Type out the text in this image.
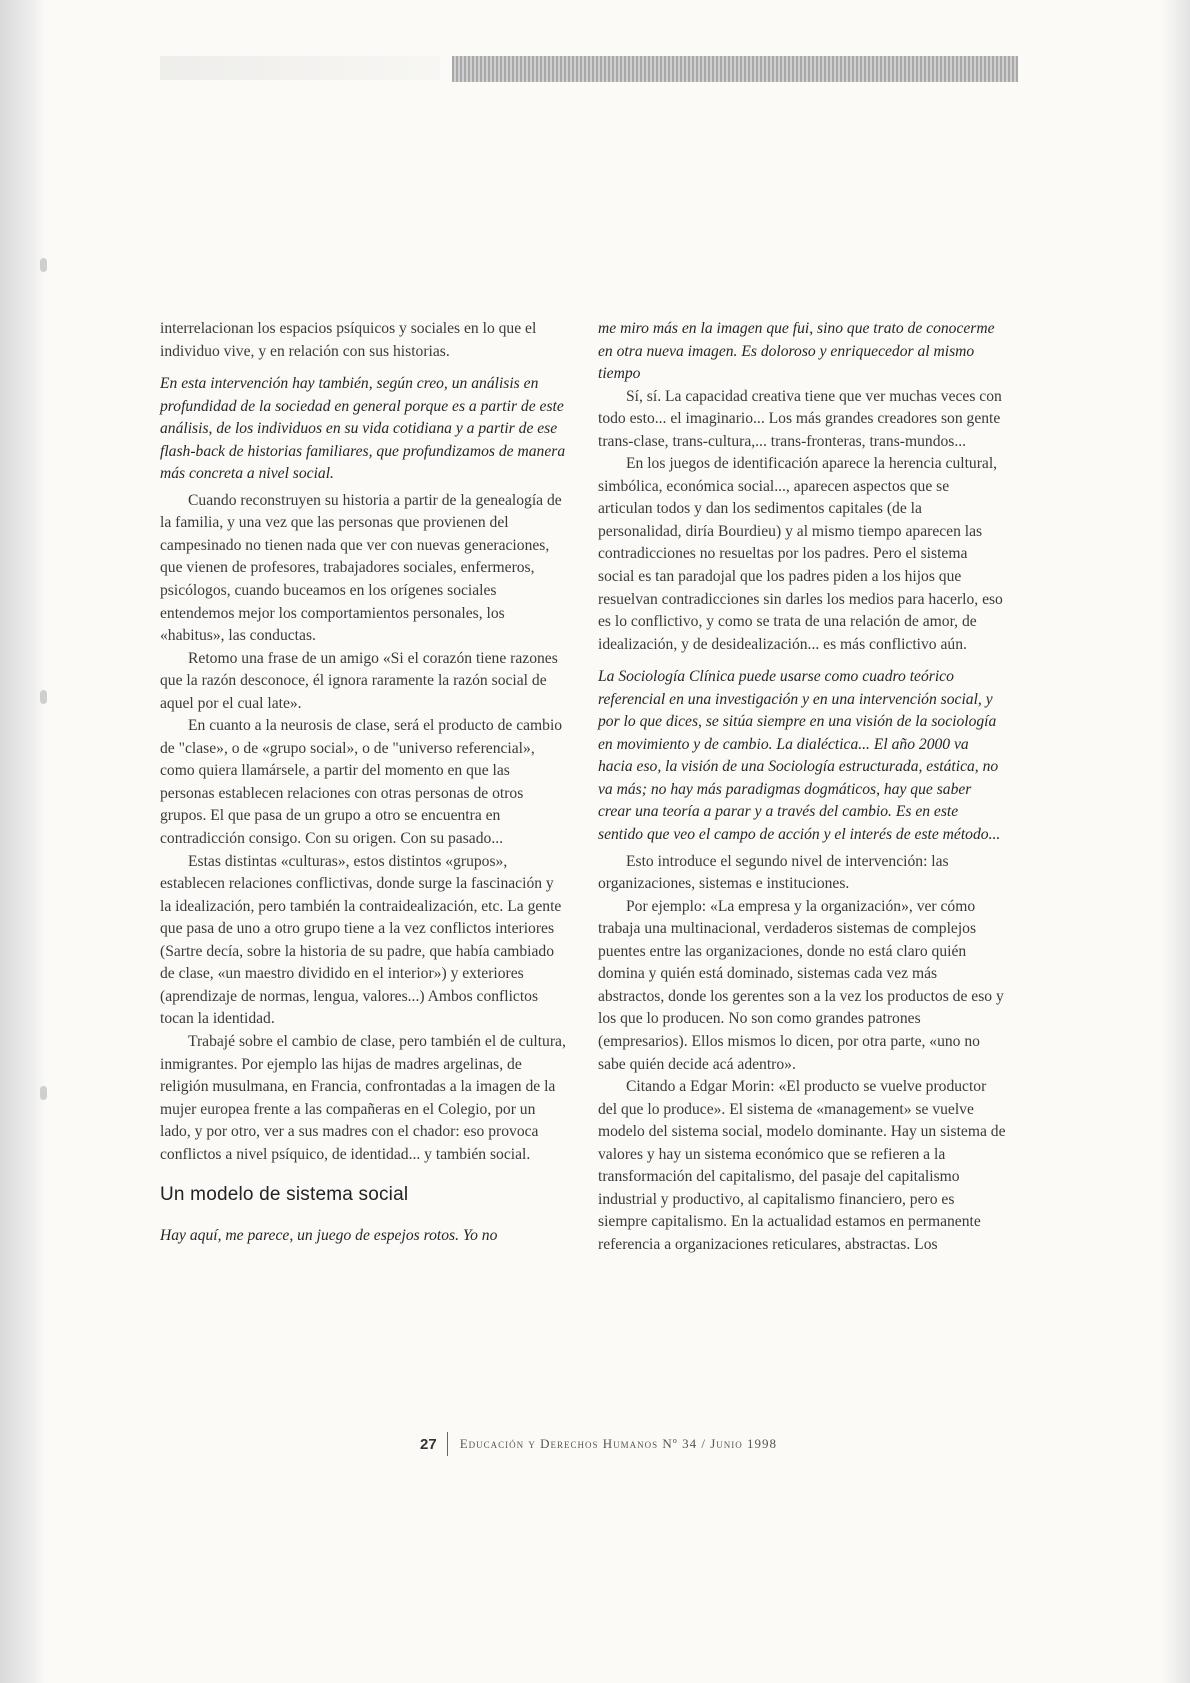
interrelacionan los espacios psíquicos y sociales en lo que el individuo vive, y en relación con sus historias.

En esta intervención hay también, según creo, un análisis en profundidad de la sociedad en general porque es a partir de este análisis, de los individuos en su vida cotidiana y a partir de ese flash-back de historias familiares, que profundizamos de manera más concreta a nivel social.

Cuando reconstruyen su historia a partir de la genealogía de la familia, y una vez que las personas que provienen del campesinado no tienen nada que ver con nuevas generaciones, que vienen de profesores, trabajadores sociales, enfermeros, psicólogos, cuando buceamos en los orígenes sociales entendemos mejor los comportamientos personales, los «habitus», las conductas.

Retomo una frase de un amigo «Si el corazón tiene razones que la razón desconoce, él ignora raramente la razón social de aquel por el cual late».

En cuanto a la neurosis de clase, será el producto de cambio de "clase», o de «grupo social», o de "universo referencial», como quiera llamársele, a partir del momento en que las personas establecen relaciones con otras personas de otros grupos. El que pasa de un grupo a otro se encuentra en contradicción consigo. Con su origen. Con su pasado...

Estas distintas «culturas», estos distintos «grupos», establecen relaciones conflictivas, donde surge la fascinación y la idealización, pero también la contraidealización, etc. La gente que pasa de uno a otro grupo tiene a la vez conflictos interiores (Sartre decía, sobre la historia de su padre, que había cambiado de clase, «un maestro dividido en el interior») y exteriores (aprendizaje de normas, lengua, valores...) Ambos conflictos tocan la identidad.

Trabajé sobre el cambio de clase, pero también el de cultura, inmigrantes. Por ejemplo las hijas de madres argelinas, de religión musulmana, en Francia, confrontadas a la imagen de la mujer europea frente a las compañeras en el Colegio, por un lado, y por otro, ver a sus madres con el chador: eso provoca conflictos a nivel psíquico, de identidad... y también social.

Un modelo de sistema social

Hay aquí, me parece, un juego de espejos rotos. Yo no

me miro más en la imagen que fui, sino que trato de conocerme en otra nueva imagen. Es doloroso y enriquecedor al mismo tiempo

Sí, sí. La capacidad creativa tiene que ver muchas veces con todo esto... el imaginario... Los más grandes creadores son gente trans-clase, trans-cultura,... trans-fronteras, trans-mundos...

En los juegos de identificación aparece la herencia cultural, simbólica, económica social..., aparecen aspectos que se articulan todos y dan los sedimentos capitales (de la personalidad, diría Bourdieu) y al mismo tiempo aparecen las contradicciones no resueltas por los padres. Pero el sistema social es tan paradojal que los padres piden a los hijos que resuelvan contradicciones sin darles los medios para hacerlo, eso es lo conflictivo, y como se trata de una relación de amor, de idealización, y de desidealización... es más conflictivo aún.

La Sociología Clínica puede usarse como cuadro teórico referencial en una investigación y en una intervención social, y por lo que dices, se sitúa siempre en una visión de la sociología en movimiento y de cambio. La dialéctica... El año 2000 va hacia eso, la visión de una Sociología estructurada, estática, no va más; no hay más paradigmas dogmáticos, hay que saber crear una teoría a parar y a través del cambio. Es en este sentido que veo el campo de acción y el interés de este método...

Esto introduce el segundo nivel de intervención: las organizaciones, sistemas e instituciones.

Por ejemplo: «La empresa y la organización», ver cómo trabaja una multinacional, verdaderos sistemas de complejos puentes entre las organizaciones, donde no está claro quién domina y quién está dominado, sistemas cada vez más abstractos, donde los gerentes son a la vez los productos de eso y los que lo producen. No son como grandes patrones (empresarios). Ellos mismos lo dicen, por otra parte, «uno no sabe quién decide acá adentro».

Citando a Edgar Morin: «El producto se vuelve productor del que lo produce». El sistema de «management» se vuelve modelo del sistema social, modelo dominante. Hay un sistema de valores y hay un sistema económico que se refieren a la transformación del capitalismo, del pasaje del capitalismo industrial y productivo, al capitalismo financiero, pero es siempre capitalismo. En la actualidad estamos en permanente referencia a organizaciones reticulares, abstractas. Los

27 Educación y Derechos Humanos Nº 34 / Junio 1998
